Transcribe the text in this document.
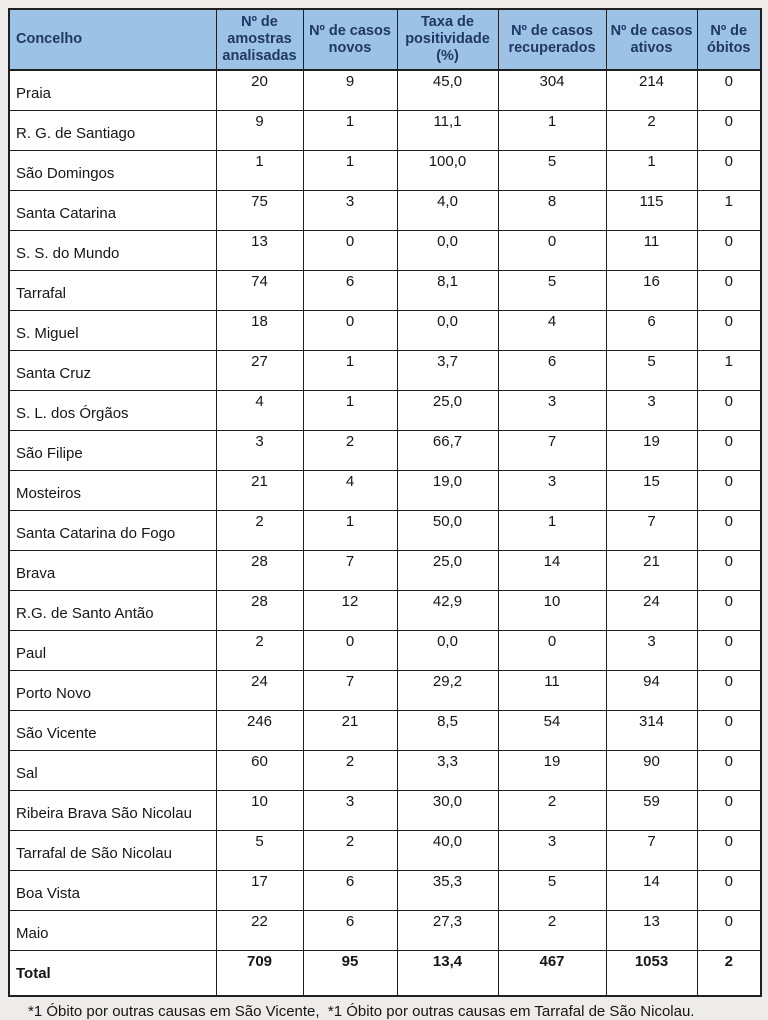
Concelho	Nº de amostras analisadas	Nº de casos novos	Taxa de positividade (%)	Nº de casos recuperados	Nº de casos ativos	Nº de óbitos
Praia	20	9	45,0	304	214	0
R. G. de Santiago	9	1	11,1	1	2	0
São Domingos	1	1	100,0	5	1	0
Santa Catarina	75	3	4,0	8	115	1
S. S. do Mundo	13	0	0,0	0	11	0
Tarrafal	74	6	8,1	5	16	0
S. Miguel	18	0	0,0	4	6	0
Santa Cruz	27	1	3,7	6	5	1
S. L. dos Órgãos	4	1	25,0	3	3	0
São Filipe	3	2	66,7	7	19	0
Mosteiros	21	4	19,0	3	15	0
Santa Catarina do Fogo	2	1	50,0	1	7	0
Brava	28	7	25,0	14	21	0
R.G. de Santo Antão	28	12	42,9	10	24	0
Paul	2	0	0,0	0	3	0
Porto Novo	24	7	29,2	11	94	0
São Vicente	246	21	8,5	54	314	0
Sal	60	2	3,3	19	90	0
Ribeira Brava São Nicolau	10	3	30,0	2	59	0
Tarrafal de São Nicolau	5	2	40,0	3	7	0
Boa Vista	17	6	35,3	5	14	0
Maio	22	6	27,3	2	13	0
Total	709	95	13,4	467	1053	2
*1 Óbito por outras causas em São Vicente,  *1 Óbito por outras causas em Tarrafal de São Nicolau.
